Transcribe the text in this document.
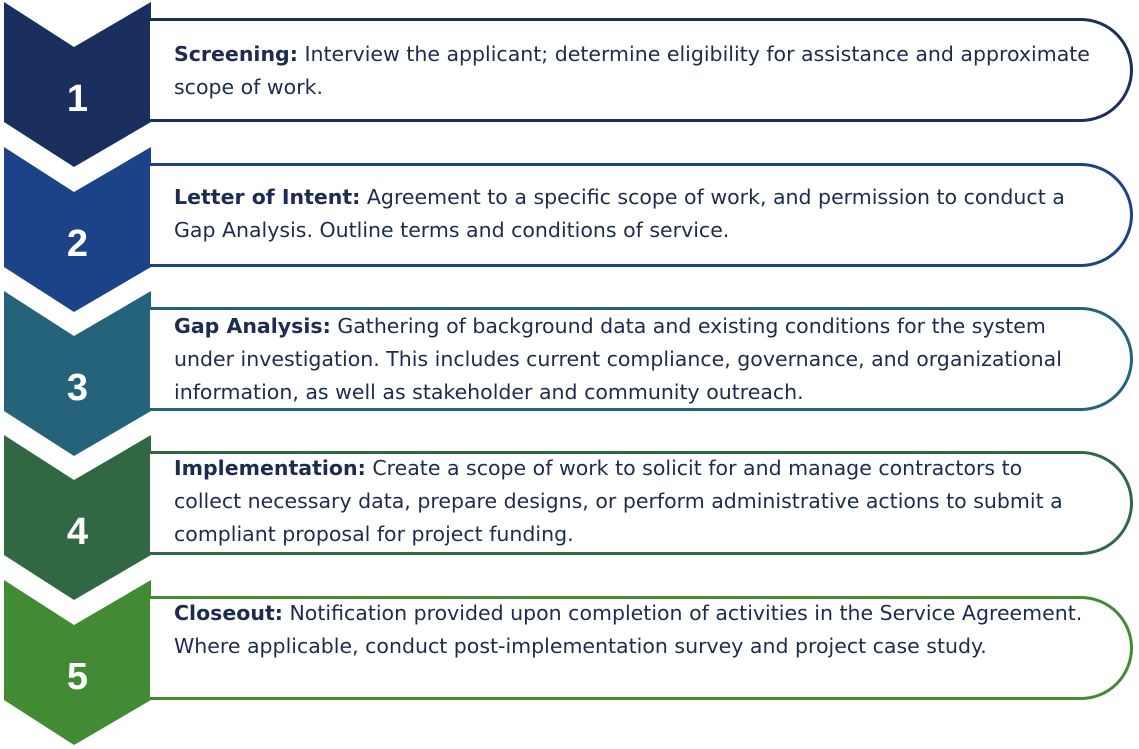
1
Screening: Interview the applicant; determine eligibility for assistance and approximate scope of work.
2
Letter of Intent: Agreement to a specific scope of work, and permission to conduct a Gap Analysis. Outline terms and conditions of service.
3
Gap Analysis: Gathering of background data and existing conditions for the system under investigation. This includes current compliance, governance, and organizational information, as well as stakeholder and community outreach.
4
Implementation: Create a scope of work to solicit for and manage contractors to collect necessary data, prepare designs, or perform administrative actions to submit a compliant proposal for project funding.
5
Closeout: Notification provided upon completion of activities in the Service Agreement. Where applicable, conduct post-implementation survey and project case study.
